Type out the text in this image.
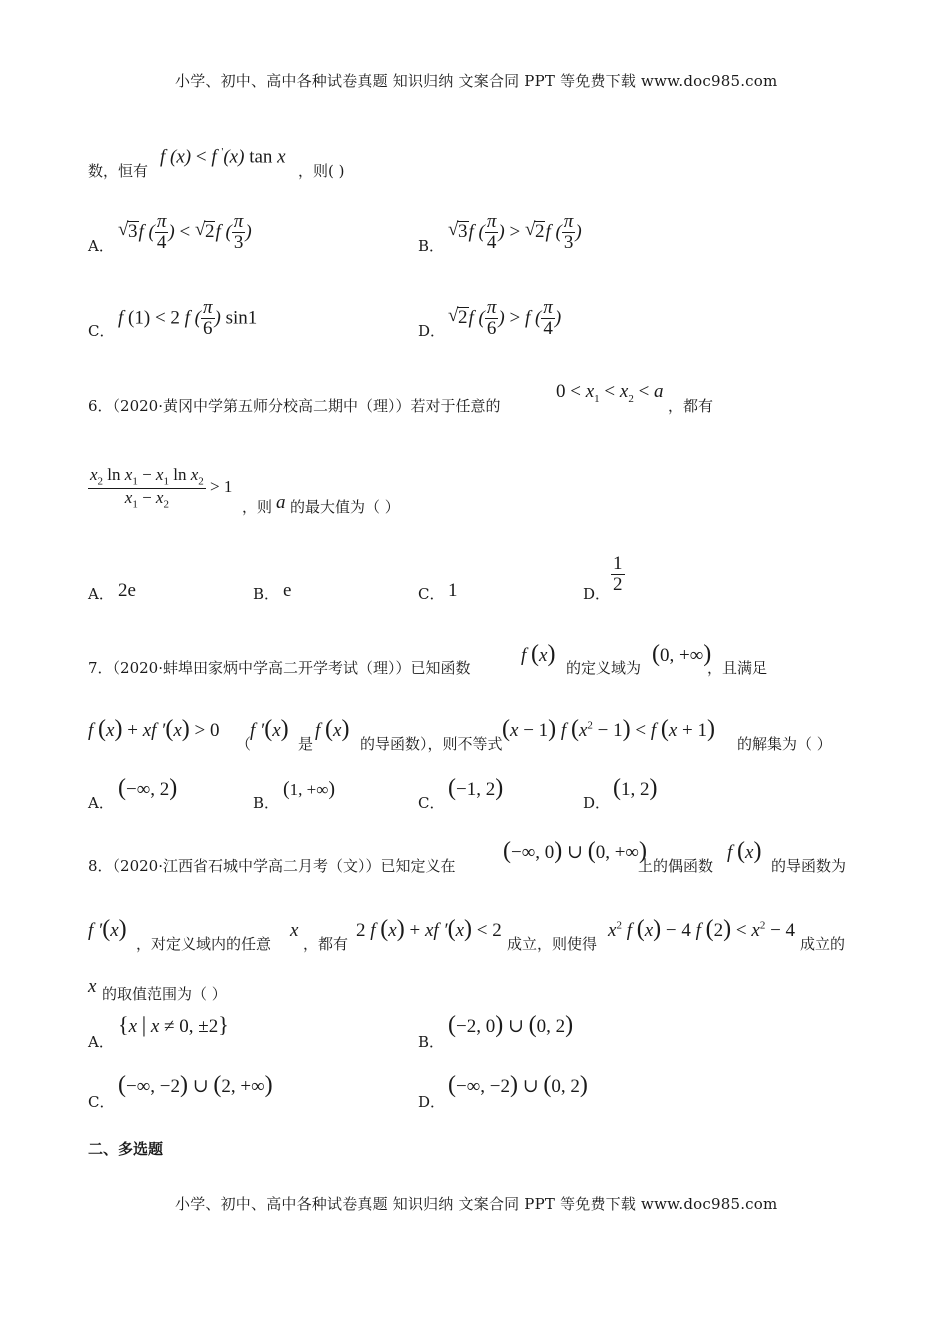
小学、初中、高中各种试卷真题 知识归纳 文案合同 PPT 等免费下载 www.doc985.com
数，恒有
f (x) < f '(x) tan x
，则( )
A．
√ 3f ( $\frac{\pi}{4}$ ) < √ 2f ( $\frac{\pi}{3}$ )
B．
√ 3f ( $\frac{\pi}{4}$ ) > √ 2f ( $\frac{\pi}{3}$ )
C．
f (1) < 2 f ( $\frac{\pi}{6}$ ) sin1
D．
√ 2f ( $\frac{\pi}{6}$ ) > f ( $\frac{\pi}{4}$ )
6．（2020·黄冈中学第五师分校高二期中（理））若对于任意的
$0 < x_1 < x_2 < a$
，都有
$\frac{x_2 \ln x_1 - x_1 \ln x_2}{x_1 - x_2} > 1$
，则 a 的最大值为（ ）
A． 2e	B． e	C． 1	D． $\frac{1}{2}$
7．（2020·蚌埠田家炳中学高二开学考试（理））已知函数
f (x)
的定义域为
(0, +∞)
，且满足
f (x) + xf ′(x) > 0
（
f ′(x)
是
f (x)
的导函数），则不等式
(x − 1) f $(x^2 - 1) < f$ (x + 1)
的解集为（ ）
A．
(−∞, 2)
B．
(1, +∞)
C．
(−1, 2)
D．
(1, 2)
8．（2020·江西省石城中学高二月考（文））已知定义在
(−∞, 0) ∪ (0, +∞)
上的偶函数
f (x)
的导函数为
f ′(x)
，对定义域内的任意
x
，都有
2 f (x) + xf ′(x) < 2
成立，则使得
$x^2$ f (x) − 4 f $(2) < x^2 - 4$
成立的
x 的取值范围为（ ）
A．
{x | x ≠ 0, ±2}
B．
(−2, 0) ∪ (0, 2)
C．
(−∞, −2) ∪ (2, +∞)
D．
(−∞, −2) ∪ (0, 2)
二、多选题
小学、初中、高中各种试卷真题 知识归纳 文案合同 PPT 等免费下载 www.doc985.com
